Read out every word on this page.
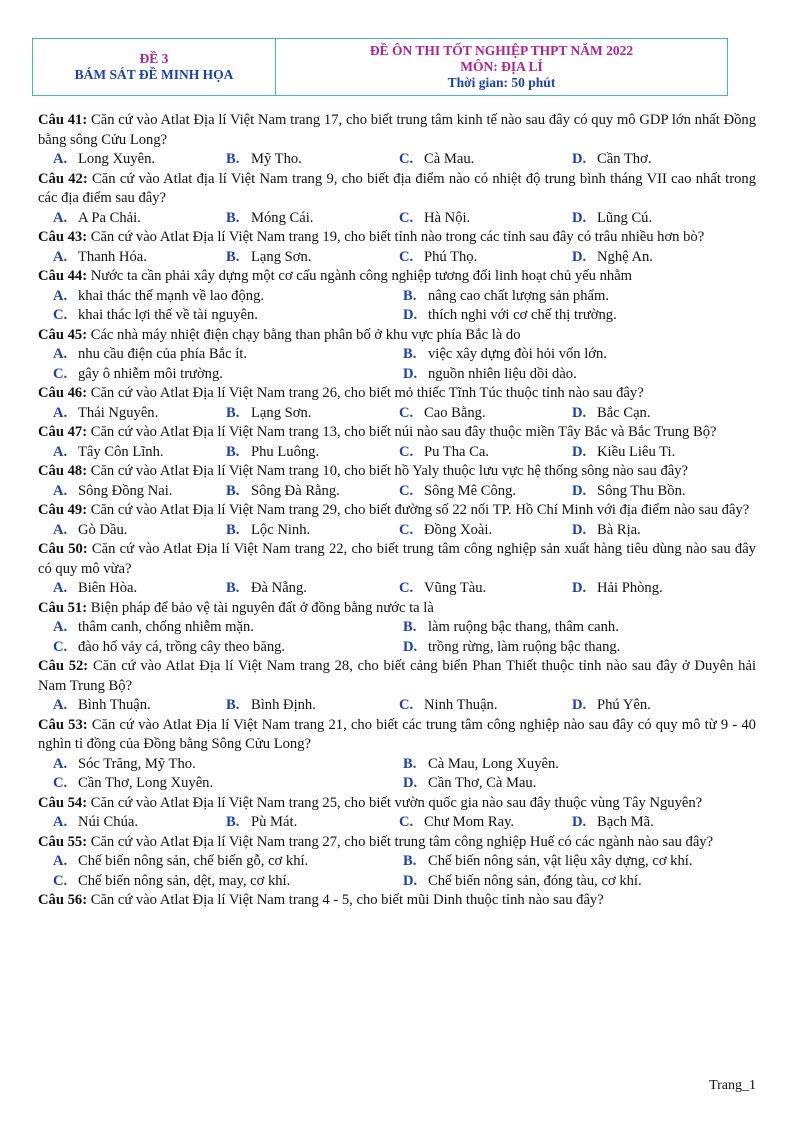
ĐỀ 3
BÁM SÁT ĐỀ MINH HỌA
ĐỀ ÔN THI TỐT NGHIỆP THPT NĂM 2022
MÔN: ĐỊA LÍ
Thời gian: 50 phút
Câu 41: Căn cứ vào Atlat Địa lí Việt Nam trang 17, cho biết trung tâm kinh tế nào sau đây có quy mô GDP lớn nhất Đồng bằng sông Cửu Long?
A. Long Xuyên.	B. Mỹ Tho.	C. Cà Mau.	D. Cần Thơ.
Câu 42: Căn cứ vào Atlat địa lí Việt Nam trang 9, cho biết địa điểm nào có nhiệt độ trung bình tháng VII cao nhất trong các địa điểm sau đây?
A. A Pa Chải.	B. Móng Cái.	C. Hà Nội.	D. Lũng Cú.
Câu 43: Căn cứ vào Atlat Địa lí Việt Nam trang 19, cho biết tỉnh nào trong các tỉnh sau đây có trâu nhiều hơn bò?
A. Thanh Hóa.	B. Lạng Sơn.	C. Phú Thọ.	D. Nghệ An.
Câu 44: Nước ta cần phải xây dựng một cơ cấu ngành công nghiệp tương đối linh hoạt chủ yếu nhằm
A. khai thác thế mạnh về lao động.	B. nâng cao chất lượng sản phẩm.
C. khai thác lợi thế về tài nguyên.	D. thích nghi với cơ chế thị trường.
Câu 45: Các nhà máy nhiệt điện chạy bằng than phân bố ở khu vực phía Bắc là do
A. nhu cầu điện của phía Bắc ít.	B. việc xây dựng đòi hỏi vốn lớn.
C. gây ô nhiễm môi trường.	D. nguồn nhiên liệu dồi dào.
Câu 46: Căn cứ vào Atlat Địa lí Việt Nam trang 26, cho biết mỏ thiếc Tĩnh Túc thuộc tỉnh nào sau đây?
A. Thái Nguyên.	B. Lạng Sơn.	C. Cao Bằng.	D. Bắc Cạn.
Câu 47: Căn cứ vào Atlat Địa lí Việt Nam trang 13, cho biết núi nào sau đây thuộc miền Tây Bắc và Bắc Trung Bộ?
A. Tây Côn Lĩnh.	B. Phu Luông.	C. Pu Tha Ca.	D. Kiều Liêu Ti.
Câu 48: Căn cứ vào Atlat Địa lí Việt Nam trang 10, cho biết hồ Yaly thuộc lưu vực hệ thống sông nào sau đây?
A. Sông Đồng Nai.	B. Sông Đà Rằng.	C. Sông Mê Công.	D. Sông Thu Bồn.
Câu 49: Căn cứ vào Atlat Địa lí Việt Nam trang 29, cho biết đường số 22 nối TP. Hồ Chí Minh với địa điểm nào sau đây?
A. Gò Dầu.	B. Lộc Ninh.	C. Đồng Xoài.	D. Bà Rịa.
Câu 50: Căn cứ vào Atlat Địa lí Việt Nam trang 22, cho biết trung tâm công nghiệp sản xuất hàng tiêu dùng nào sau đây có quy mô vừa?
A. Biên Hòa.	B. Đà Nẵng.	C. Vũng Tàu.	D. Hải Phòng.
Câu 51: Biện pháp để bảo vệ tài nguyên đất ở đồng bằng nước ta là
A. thâm canh, chống nhiễm mặn.	B. làm ruộng bậc thang, thâm canh.
C. đào hố vảy cá, trồng cây theo băng.	D. trồng rừng, làm ruộng bậc thang.
Câu 52: Căn cứ vào Atlat Địa lí Việt Nam trang 28, cho biết cảng biển Phan Thiết thuộc tỉnh nào sau đây ở Duyên hải Nam Trung Bộ?
A. Bình Thuận.	B. Bình Định.	C. Ninh Thuận.	D. Phú Yên.
Câu 53: Căn cứ vào Atlat Địa lí Việt Nam trang 21, cho biết các trung tâm công nghiệp nào sau đây có quy mô từ 9 - 40 nghìn tỉ đồng của Đồng bằng Sông Cửu Long?
A. Sóc Trăng, Mỹ Tho.	B. Cà Mau, Long Xuyên.
C. Cần Thơ, Long Xuyên.	D. Cần Thơ, Cà Mau.
Câu 54: Căn cứ vào Atlat Địa lí Việt Nam trang 25, cho biết vườn quốc gia nào sau đây thuộc vùng Tây Nguyên?
A. Núi Chúa.	B. Pù Mát.	C. Chư Mom Ray.	D. Bạch Mã.
Câu 55: Căn cứ vào Atlat Địa lí Việt Nam trang 27, cho biết trung tâm công nghiệp Huế có các ngành nào sau đây?
A. Chế biến nông sản, chế biến gỗ, cơ khí.	B. Chế biến nông sản, vật liệu xây dựng, cơ khí.
C. Chế biến nông sản, dệt, may, cơ khí.	D. Chế biến nông sản, đóng tàu, cơ khí.
Câu 56: Căn cứ vào Atlat Địa lí Việt Nam trang 4 - 5, cho biết mũi Dinh thuộc tỉnh nào sau đây?
Trang_1
